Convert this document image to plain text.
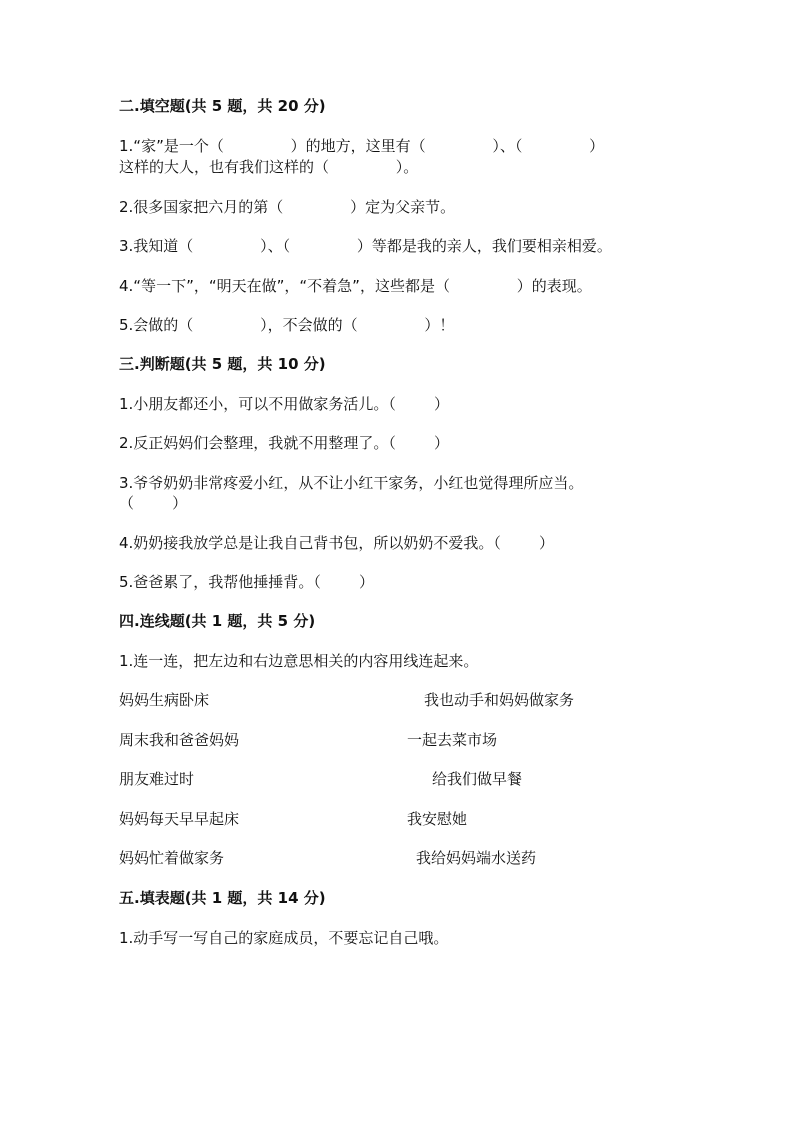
二.填空题(共 5 题，共 20 分)

1.“家”是一个（              ）的地方，这里有（              ）、（              ）

这样的大人，也有我们这样的（              ）。

2.很多国家把六月的第（              ）定为父亲节。

3.我知道（              ）、（              ）等都是我的亲人，我们要相亲相爱。

4.“等一下”，“明天在做”，“不着急”，这些都是（              ）的表现。

5.会做的（              ），不会做的（              ）！

三.判断题(共 5 题，共 10 分)

1.小朋友都还小，可以不用做家务活儿。（        ）

2.反正妈妈们会整理，我就不用整理了。（        ）

3.爷爷奶奶非常疼爱小红，从不让小红干家务，小红也觉得理所应当。

（        ）

4.奶奶接我放学总是让我自己背书包，所以奶奶不爱我。（        ）

5.爸爸累了，我帮他捶捶背。（        ）

四.连线题(共 1 题，共 5 分)

1.连一连，把左边和右边意思相关的内容用线连起来。

妈妈生病卧床	我也动手和妈妈做家务

周末我和爸爸妈妈	一起去菜市场

朋友难过时	给我们做早餐

妈妈每天早早起床	我安慰她

妈妈忙着做家务	我给妈妈端水送药

五.填表题(共 1 题，共 14 分)

1.动手写一写自己的家庭成员，不要忘记自己哦。
